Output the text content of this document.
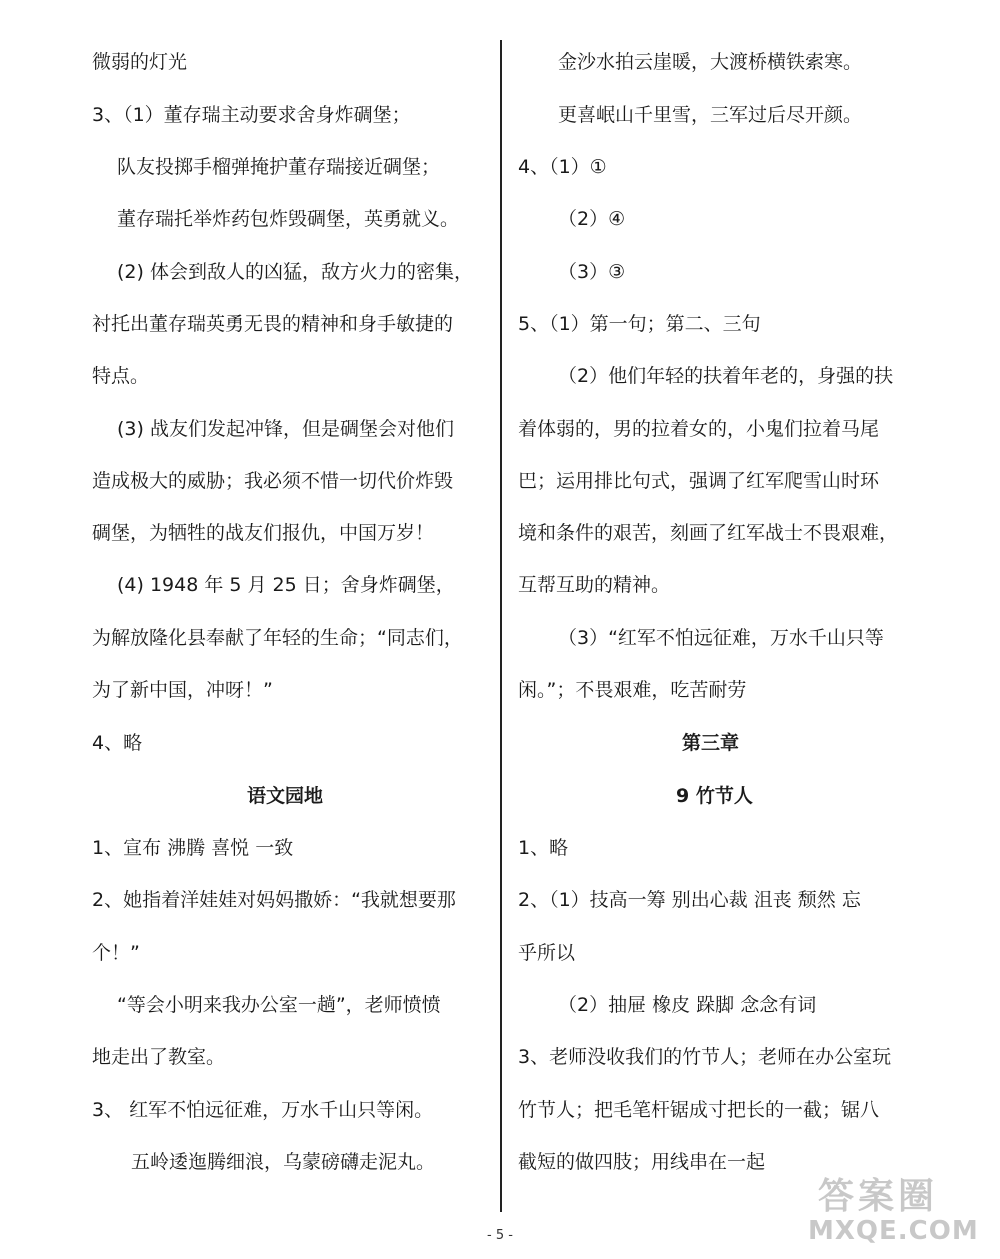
微弱的灯光
3、（1）董存瑞主动要求舍身炸碉堡；
队友投掷手榴弹掩护董存瑞接近碉堡；
董存瑞托举炸药包炸毁碉堡，英勇就义。
(2) 体会到敌人的凶猛，敌方火力的密集，
衬托出董存瑞英勇无畏的精神和身手敏捷的
特点。
(3) 战友们发起冲锋，但是碉堡会对他们
造成极大的威胁；我必须不惜一切代价炸毁
碉堡，为牺牲的战友们报仇，中国万岁！
(4) 1948 年 5 月 25 日；舍身炸碉堡，
为解放隆化县奉献了年轻的生命；“同志们，
为了新中国，冲呀！”
4、略
语文园地
1、宣布 沸腾 喜悦 一致
2、她指着洋娃娃对妈妈撒娇：“我就想要那
个！”
“等会小明来我办公室一趟”，老师愤愤
地走出了教室。
3、 红军不怕远征难，万水千山只等闲。
五岭逶迤腾细浪，乌蒙磅礴走泥丸。
金沙水拍云崖暖，大渡桥横铁索寒。
更喜岷山千里雪，三军过后尽开颜。
4、（1）①
（2）④
（3）③
5、（1）第一句；第二、三句
（2）他们年轻的扶着年老的，身强的扶
着体弱的，男的拉着女的，小鬼们拉着马尾
巴；运用排比句式，强调了红军爬雪山时环
境和条件的艰苦，刻画了红军战士不畏艰难，
互帮互助的精神。
（3）“红军不怕远征难，万水千山只等
闲。”；不畏艰难，吃苦耐劳
第三章
9 竹节人
1、略
2、（1）技高一筹 别出心裁 沮丧 颓然 忘
乎所以
（2）抽屉 橡皮 跺脚 念念有词
3、老师没收我们的竹节人；老师在办公室玩
竹节人；把毛笔杆锯成寸把长的一截；锯八
截短的做四肢；用线串在一起
- 5 -
答案圈
MXQE.COM
